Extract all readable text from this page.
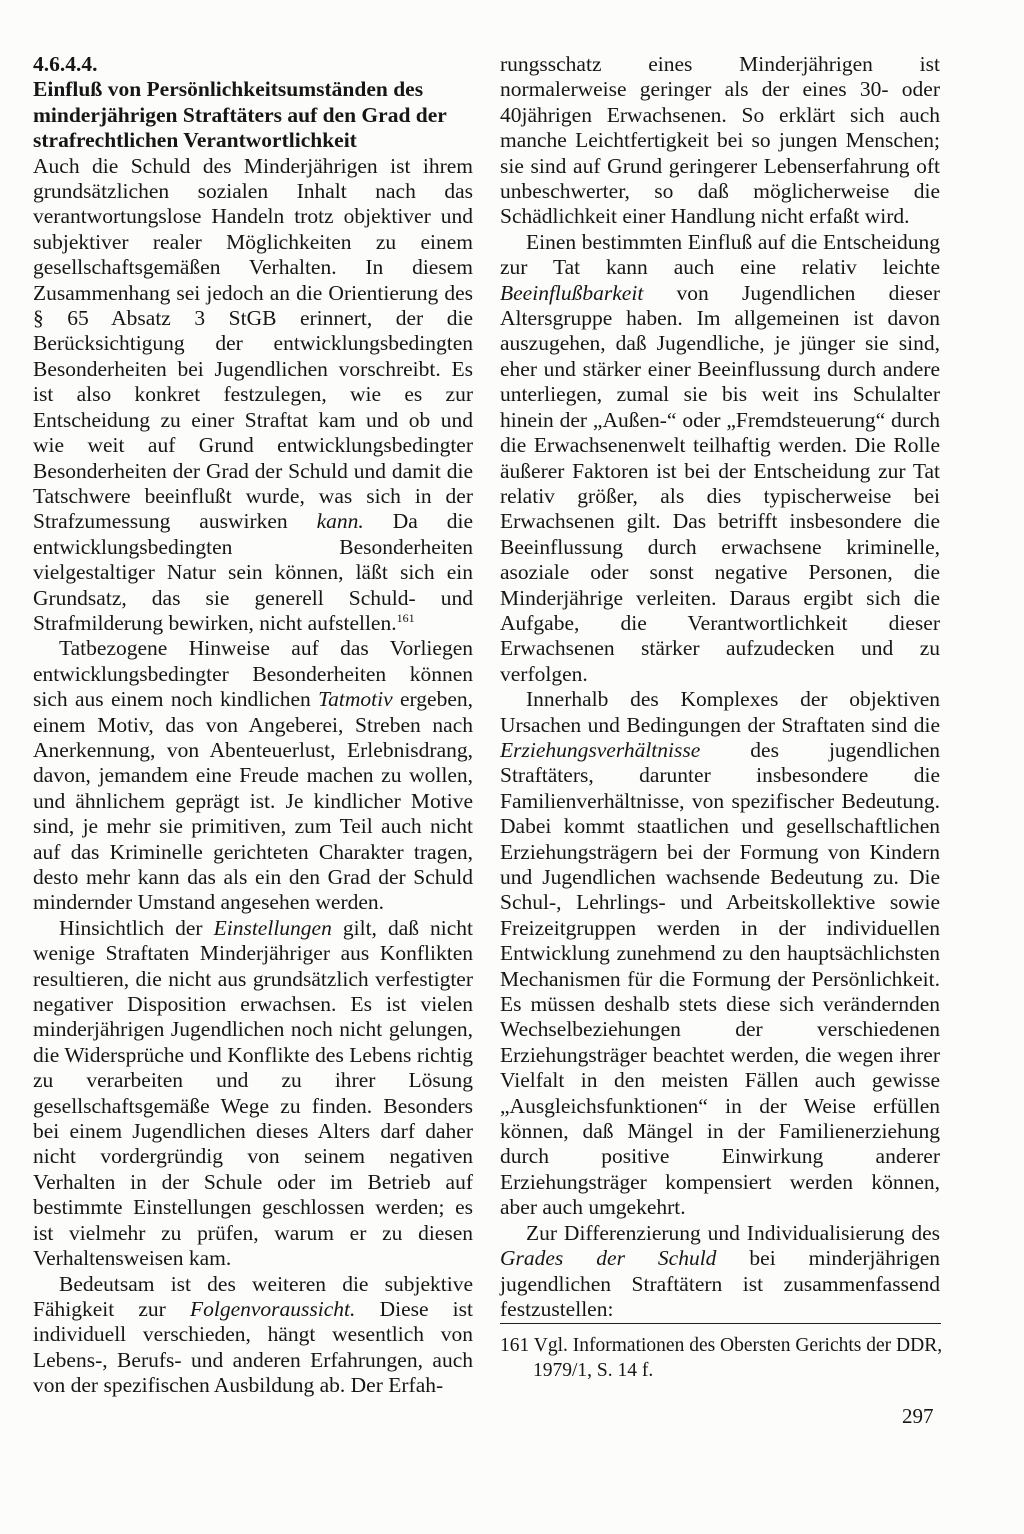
4.6.4.4.
Einfluß von Persönlichkeitsumständen des minderjährigen Straftäters auf den Grad der strafrechtlichen Verantwortlichkeit

Auch die Schuld des Minderjährigen ist ihrem grundsätzlichen sozialen Inhalt nach das verantwortungslose Handeln trotz objektiver und subjektiver realer Möglichkeiten zu einem gesellschaftsgemäßen Verhalten. In diesem Zusammenhang sei jedoch an die Orientierung des § 65 Absatz 3 StGB erinnert, der die Berücksichtigung der entwicklungsbedingten Besonderheiten bei Jugendlichen vorschreibt. Es ist also konkret festzulegen, wie es zur Entscheidung zu einer Straftat kam und ob und wie weit auf Grund entwicklungsbedingter Besonderheiten der Grad der Schuld und damit die Tatschwere beeinflußt wurde, was sich in der Strafzumessung auswirken kann. Da die entwicklungsbedingten Besonderheiten vielgestaltiger Natur sein können, läßt sich ein Grundsatz, das sie generell Schuld- und Strafmilderung bewirken, nicht aufstellen.$^{161}$

Tatbezogene Hinweise auf das Vorliegen entwicklungsbedingter Besonderheiten können sich aus einem noch kindlichen Tatmotiv ergeben, einem Motiv, das von Angeberei, Streben nach Anerkennung, von Abenteuerlust, Erlebnisdrang, davon, jemandem eine Freude machen zu wollen, und ähnlichem geprägt ist. Je kindlicher Motive sind, je mehr sie primitiven, zum Teil auch nicht auf das Kriminelle gerichteten Charakter tragen, desto mehr kann das als ein den Grad der Schuld mindernder Umstand angesehen werden.

Hinsichtlich der Einstellungen gilt, daß nicht wenige Straftaten Minderjähriger aus Konflikten resultieren, die nicht aus grundsätzlich verfestigter negativer Disposition erwachsen. Es ist vielen minderjährigen Jugendlichen noch nicht gelungen, die Widersprüche und Konflikte des Lebens richtig zu verarbeiten und zu ihrer Lösung gesellschaftsgemäße Wege zu finden. Besonders bei einem Jugendlichen dieses Alters darf daher nicht vordergründig von seinem negativen Verhalten in der Schule oder im Betrieb auf bestimmte Einstellungen geschlossen werden; es ist vielmehr zu prüfen, warum er zu diesen Verhaltensweisen kam.

Bedeutsam ist des weiteren die subjektive Fähigkeit zur Folgenvoraussicht. Diese ist individuell verschieden, hängt wesentlich von Lebens-, Berufs- und anderen Erfahrungen, auch von der spezifischen Ausbildung ab. Der Erfah-

rungsschatz eines Minderjährigen ist normalerweise geringer als der eines 30- oder 40jährigen Erwachsenen. So erklärt sich auch manche Leichtfertigkeit bei so jungen Menschen; sie sind auf Grund geringerer Lebenserfahrung oft unbeschwerter, so daß möglicherweise die Schädlichkeit einer Handlung nicht erfaßt wird.

Einen bestimmten Einfluß auf die Entscheidung zur Tat kann auch eine relativ leichte Beeinflußbarkeit von Jugendlichen dieser Altersgruppe haben. Im allgemeinen ist davon auszugehen, daß Jugendliche, je jünger sie sind, eher und stärker einer Beeinflussung durch andere unterliegen, zumal sie bis weit ins Schulalter hinein der „Außen-“ oder „Fremdsteuerung“ durch die Erwachsenenwelt teilhaftig werden. Die Rolle äußerer Faktoren ist bei der Entscheidung zur Tat relativ größer, als dies typischerweise bei Erwachsenen gilt. Das betrifft insbesondere die Beeinflussung durch erwachsene kriminelle, asoziale oder sonst negative Personen, die Minderjährige verleiten. Daraus ergibt sich die Aufgabe, die Verantwortlichkeit dieser Erwachsenen stärker aufzudecken und zu verfolgen.

Innerhalb des Komplexes der objektiven Ursachen und Bedingungen der Straftaten sind die Erziehungsverhältnisse des jugendlichen Straftäters, darunter insbesondere die Familienverhältnisse, von spezifischer Bedeutung. Dabei kommt staatlichen und gesellschaftlichen Erziehungsträgern bei der Formung von Kindern und Jugendlichen wachsende Bedeutung zu. Die Schul-, Lehrlings- und Arbeitskollektive sowie Freizeitgruppen werden in der individuellen Entwicklung zunehmend zu den hauptsächlichsten Mechanismen für die Formung der Persönlichkeit. Es müssen deshalb stets diese sich verändernden Wechselbeziehungen der verschiedenen Erziehungsträger beachtet werden, die wegen ihrer Vielfalt in den meisten Fällen auch gewisse „Ausgleichsfunktionen“ in der Weise erfüllen können, daß Mängel in der Familienerziehung durch positive Einwirkung anderer Erziehungsträger kompensiert werden können, aber auch umgekehrt.

Zur Differenzierung und Individualisierung des Grades der Schuld bei minderjährigen jugendlichen Straftätern ist zusammenfassend festzustellen:

161 Vgl. Informationen des Obersten Gerichts der DDR, 1979/1, S. 14 f.

297
